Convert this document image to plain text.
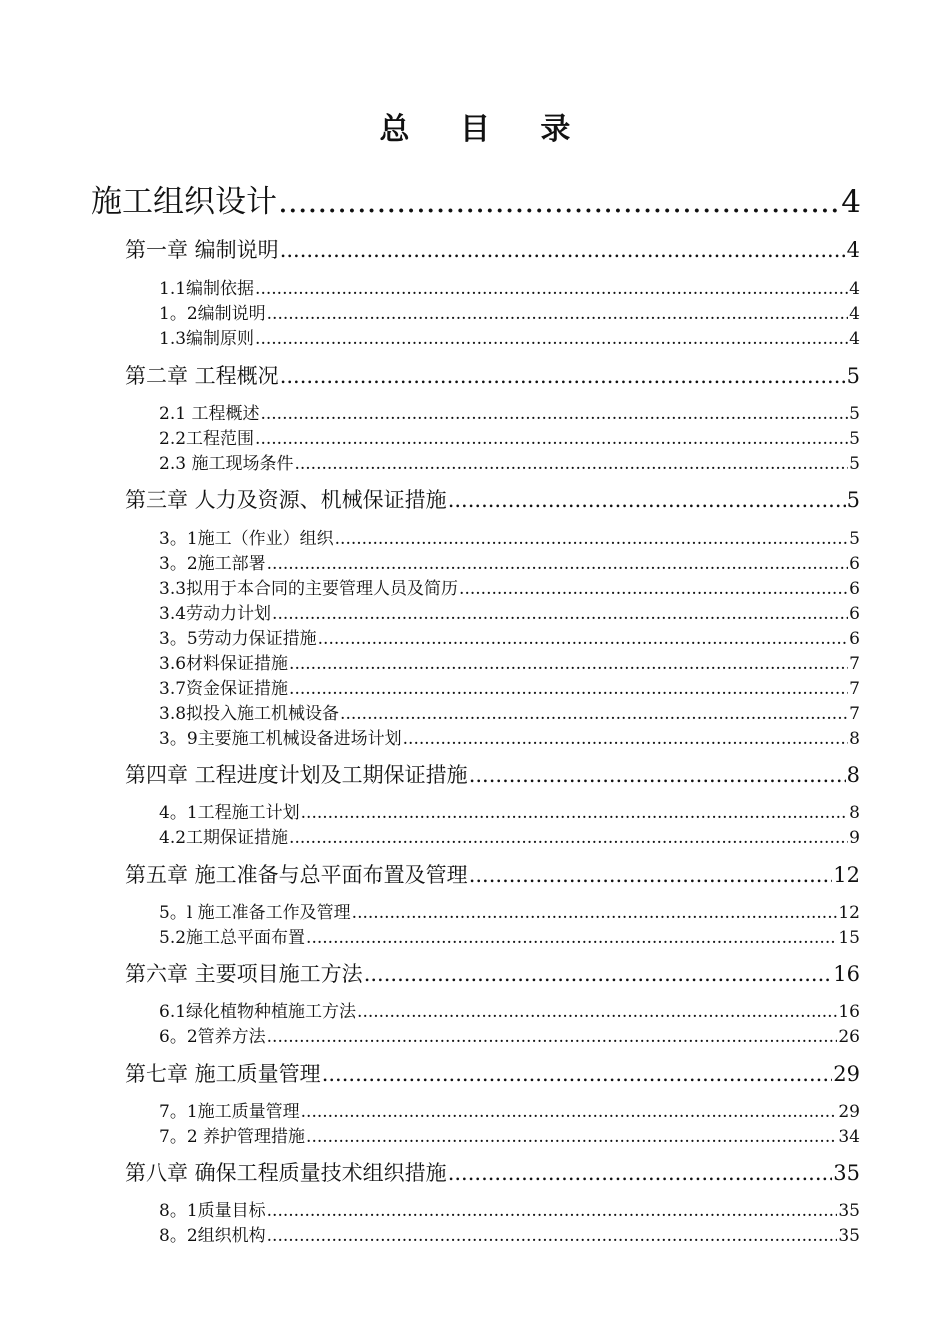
总 目 录
施工组织设计 .....	4
第一章 编制说明 .....	4
1.1编制依据 .....	4
1。2编制说明 .....	4
1.3编制原则 .....	4
第二章 工程概况 .....	5
2.1 工程概述 .....	5
2.2工程范围 .....	5
2.3 施工现场条件 .....	5
第三章 人力及资源、机械保证措施 .....	5
3。1施工（作业）组织 .....	5
3。2施工部署 .....	6
3.3拟用于本合同的主要管理人员及简历 .....	6
3.4劳动力计划 .....	6
3。5劳动力保证措施 .....	6
3.6材料保证措施 .....	7
3.7资金保证措施 .....	7
3.8拟投入施工机械设备 .....	7
3。9主要施工机械设备进场计划 .....	8
第四章 工程进度计划及工期保证措施 .....	8
4。1工程施工计划 .....	8
4.2工期保证措施 .....	9
第五章 施工准备与总平面布置及管理 .....	12
5。l 施工准备工作及管理 .....	12
5.2施工总平面布置 .....	15
第六章 主要项目施工方法 .....	16
6.1绿化植物种植施工方法 .....	16
6。2管养方法 .....	26
第七章 施工质量管理 .....	29
7。1施工质量管理 .....	29
7。2 养护管理措施 .....	34
第八章 确保工程质量技术组织措施 .....	35
8。1质量目标 .....	35
8。2组织机构 .....	35
